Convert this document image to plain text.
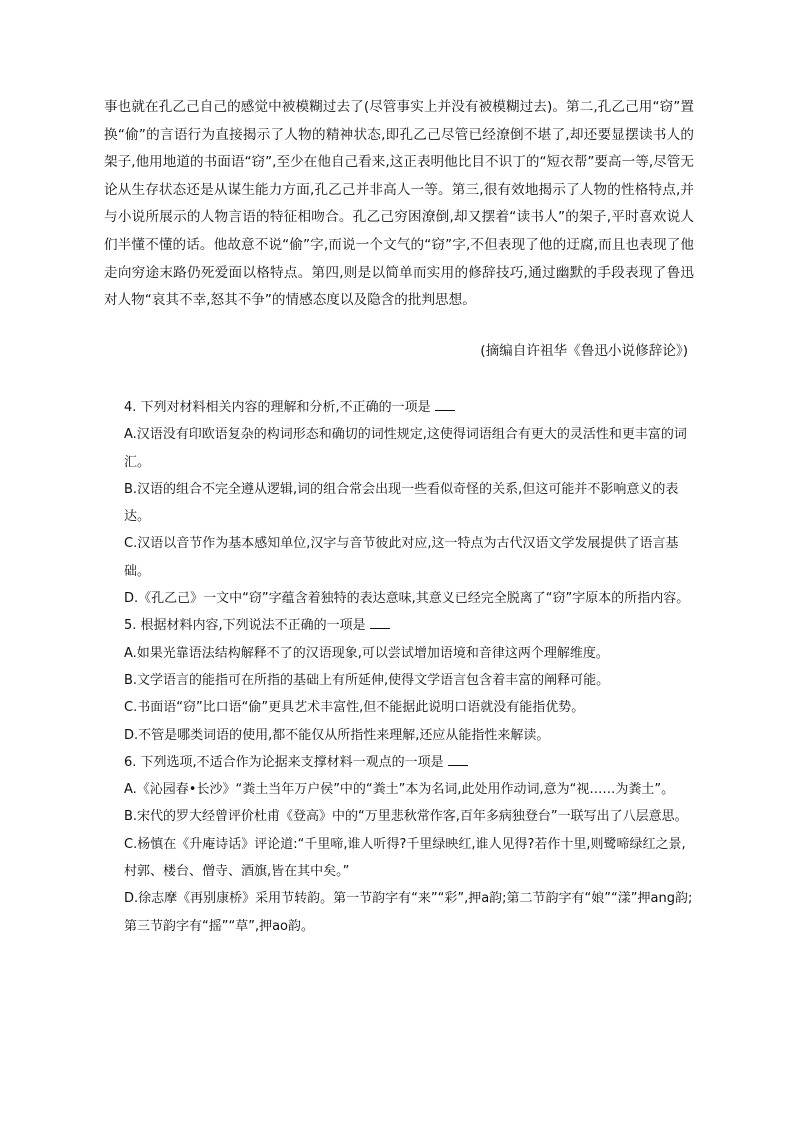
事也就在孔乙己自己的感觉中被模糊过去了(尽管事实上并没有被模糊过去)。第二,孔乙己用“窃”置换“偷”的言语行为直接揭示了人物的精神状态,即孔乙己尽管已经潦倒不堪了,却还要显摆读书人的架子,他用地道的书面语“窃”,至少在他自己看来,这正表明他比目不识丁的“短衣帮”要高一等,尽管无论从生存状态还是从谋生能力方面,孔乙己并非高人一等。第三,很有效地揭示了人物的性格特点,并与小说所展示的人物言语的特征相吻合。孔乙己穷困潦倒,却又摆着“读书人”的架子,平时喜欢说人们半懂不懂的话。他故意不说“偷”字,而说一个文气的“窃”字,不但表现了他的迂腐,而且也表现了他走向穷途末路仍死爱面以格特点。第四,则是以简单而实用的修辞技巧,通过幽默的手段表现了鲁迅对人物“哀其不幸,怒其不争”的情感态度以及隐含的批判思想。

(摘编自许祖华《鲁迅小说修辞论》)

4. 下列对材料相关内容的理解和分析,不正确的一项是

A.汉语没有印欧语复杂的构词形态和确切的词性规定,这使得词语组合有更大的灵活性和更丰富的词汇。

B.汉语的组合不完全遵从逻辑,词的组合常会出现一些看似奇怪的关系,但这可能并不影响意义的表达。

C.汉语以音节作为基本感知单位,汉字与音节彼此对应,这一特点为古代汉语文学发展提供了语言基础。

D.《孔乙己》一文中“窃”字蕴含着独特的表达意味,其意义已经完全脱离了“窃”字原本的所指内容。

5. 根据材料内容,下列说法不正确的一项是

A.如果光靠语法结构解释不了的汉语现象,可以尝试增加语境和音律这两个理解维度。

B.文学语言的能指可在所指的基础上有所延伸,使得文学语言包含着丰富的阐释可能。

C.书面语“窃”比口语“偷”更具艺术丰富性,但不能据此说明口语就没有能指优势。

D.不管是哪类词语的使用,都不能仅从所指性来理解,还应从能指性来解读。

6. 下列选项,不适合作为论据来支撑材料一观点的一项是

A.《沁园春•长沙》“粪土当年万户侯”中的“粪土”本为名词,此处用作动词,意为“视……为粪土”。

B.宋代的罗大经曾评价杜甫《登高》中的“万里悲秋常作客,百年多病独登台”一联写出了八层意思。

C.杨慎在《升庵诗话》评论道:“千里啼,谁人听得?千里绿映红,谁人见得?若作十里,则鹭啼绿红之景,村郭、楼台、僧寺、酒旗,皆在其中矣。”

D.徐志摩《再别康桥》采用节转韵。第一节韵字有“来”“彩”,押a韵;第二节韵字有“娘”“漾”押ang韵;第三节韵字有“摇”“草”,押ao韵。
